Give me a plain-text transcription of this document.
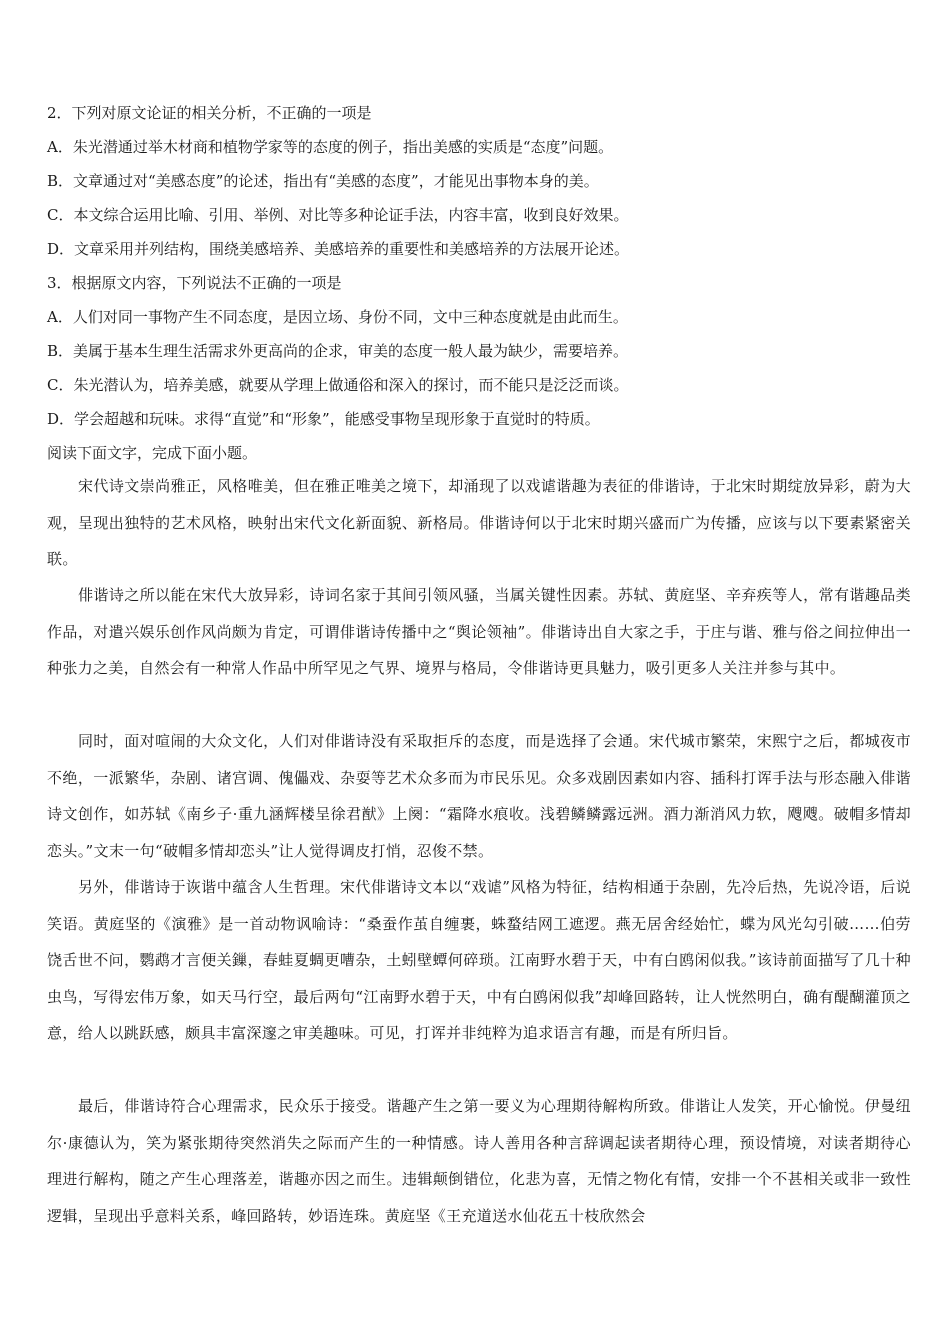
2．下列对原文论证的相关分析，不正确的一项是
A．朱光潜通过举木材商和植物学家等的态度的例子，指出美感的实质是“态度”问题。
B．文章通过对“美感态度”的论述，指出有“美感的态度”，才能见出事物本身的美。
C．本文综合运用比喻、引用、举例、对比等多种论证手法，内容丰富，收到良好效果。
D．文章采用并列结构，围绕美感培养、美感培养的重要性和美感培养的方法展开论述。
3．根据原文内容，下列说法不正确的一项是
A．人们对同一事物产生不同态度，是因立场、身份不同，文中三种态度就是由此而生。
B．美属于基本生理生活需求外更高尚的企求，审美的态度一般人最为缺少，需要培养。
C．朱光潜认为，培养美感，就要从学理上做通俗和深入的探讨，而不能只是泛泛而谈。
D．学会超越和玩味。求得“直觉”和“形象”，能感受事物呈现形象于直觉时的特质。
阅读下面文字，完成下面小题。

宋代诗文崇尚雅正，风格唯美，但在雅正唯美之境下，却涌现了以戏谑谐趣为表征的俳谐诗，于北宋时期绽放异彩，蔚为大观，呈现出独特的艺术风格，映射出宋代文化新面貌、新格局。俳谐诗何以于北宋时期兴盛而广为传播，应该与以下要素紧密关联。

俳谐诗之所以能在宋代大放异彩，诗词名家于其间引领风骚，当属关键性因素。苏轼、黄庭坚、辛弃疾等人，常有谐趣品类作品，对遣兴娱乐创作风尚颇为肯定，可谓俳谐诗传播中之“舆论领袖”。俳谐诗出自大家之手，于庄与谐、雅与俗之间拉伸出一种张力之美，自然会有一种常人作品中所罕见之气界、境界与格局，令俳谐诗更具魅力，吸引更多人关注并参与其中。

同时，面对喧闹的大众文化，人们对俳谐诗没有采取拒斥的态度，而是选择了会通。宋代城市繁荣，宋熙宁之后，都城夜市不绝，一派繁华，杂剧、诸宫调、傀儡戏、杂耍等艺术众多而为市民乐见。众多戏剧因素如内容、插科打诨手法与形态融入俳谐诗文创作，如苏轼《南乡子·重九涵辉楼呈徐君猷》上阕：“霜降水痕收。浅碧鳞鳞露远洲。酒力渐消风力软，飕飕。破帽多情却恋头。”文末一句“破帽多情却恋头”让人觉得调皮打悄，忍俊不禁。

另外，俳谐诗于诙谐中蕴含人生哲理。宋代俳谐诗文本以“戏谑”风格为特征，结构相通于杂剧，先冷后热，先说冷语，后说笑语。黄庭坚的《演雅》是一首动物讽喻诗：“桑蚕作茧自缠裹，蛛蝥结网工遮逻。燕无居舍经始忙，蝶为风光勾引破……伯劳饶舌世不问，鹦鹉才言便关鏁，春蛙夏蜩更嘈杂，土蚓壁蟫何碎琐。江南野水碧于天，中有白鸥闲似我。”该诗前面描写了几十种虫鸟，写得宏伟万象，如天马行空，最后两句“江南野水碧于天，中有白鸥闲似我”却峰回路转，让人恍然明白，确有醍醐灌顶之意，给人以跳跃感，颇具丰富深邃之审美趣味。可见，打诨并非纯粹为追求语言有趣，而是有所归旨。

最后，俳谐诗符合心理需求，民众乐于接受。谐趣产生之第一要义为心理期待解构所致。俳谐让人发笑，开心愉悦。伊曼纽尔·康德认为，笑为紧张期待突然消失之际而产生的一种情感。诗人善用各种言辞调起读者期待心理，预设情境，对读者期待心理进行解构，随之产生心理落差，谐趣亦因之而生。违辑颠倒错位，化悲为喜，无情之物化有情，安排一个不甚相关或非一致性逻辑，呈现出乎意料关系，峰回路转，妙语连珠。黄庭坚《王充道送水仙花五十枝欣然会
